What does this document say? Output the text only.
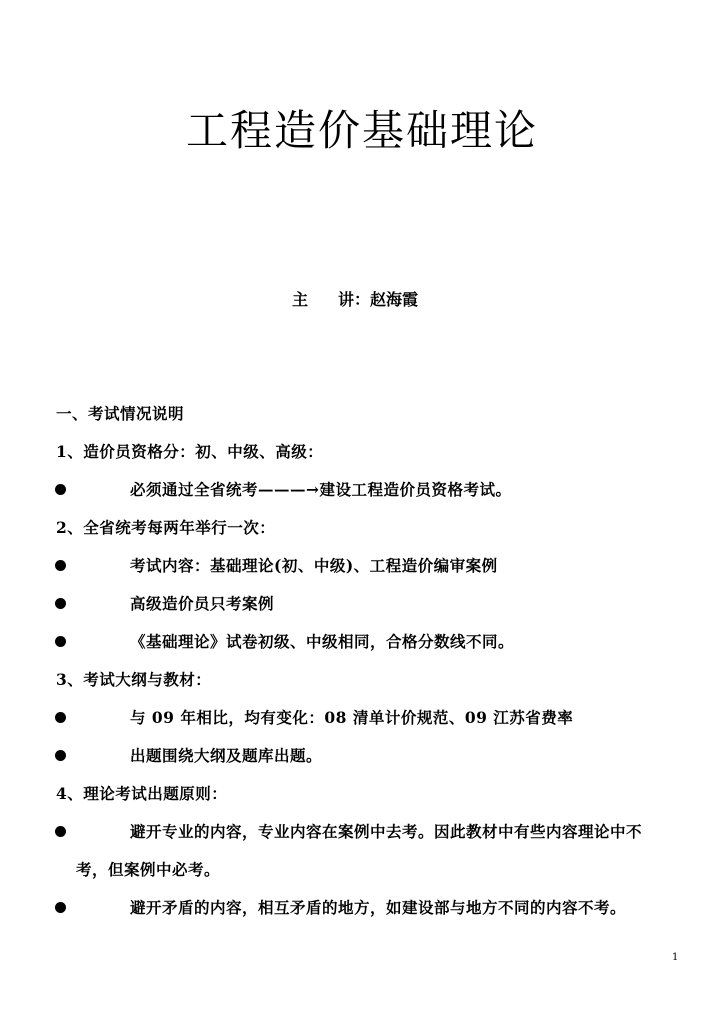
工程造价基础理论
主 讲：赵海霞
一、考试情况说明
1、造价员资格分：初、中级、高级：
必须通过全省统考———→建设工程造价员资格考试。
2、全省统考每两年举行一次：
考试内容：基础理论(初、中级)、工程造价编审案例
高级造价员只考案例
《基础理论》试卷初级、中级相同，合格分数线不同。
3、考试大纲与教材：
与 09 年相比，均有变化：08 清单计价规范、09 江苏省费率
出题围绕大纲及题库出题。
4、理论考试出题原则：
避开专业的内容，专业内容在案例中去考。因此教材中有些内容理论中不
考，但案例中必考。
避开矛盾的内容，相互矛盾的地方，如建设部与地方不同的内容不考。
1
